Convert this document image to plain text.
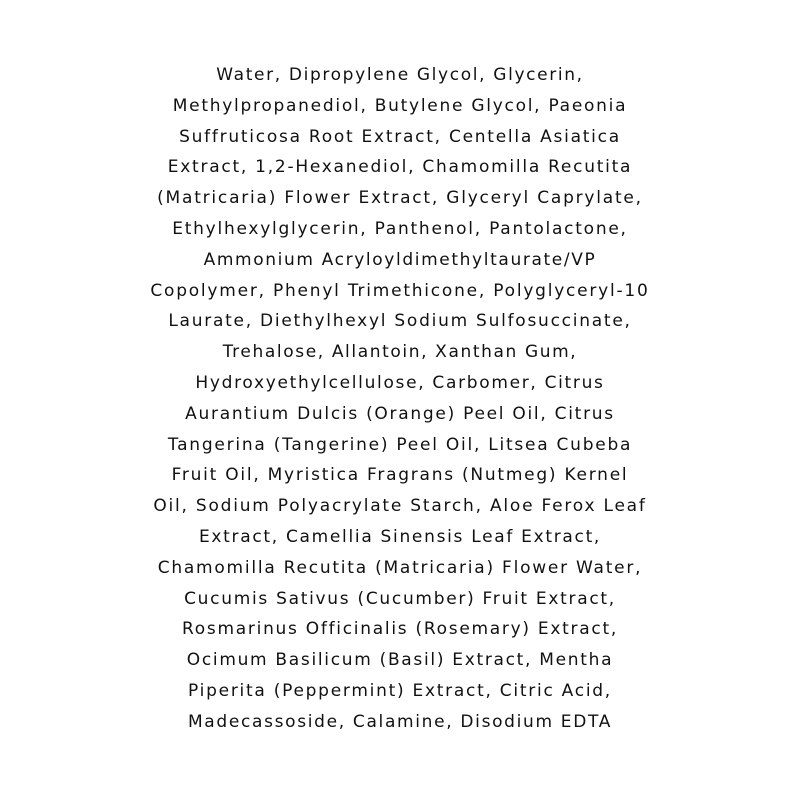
Water, Dipropylene Glycol, Glycerin,
Methylpropanediol, Butylene Glycol, Paeonia
Suffruticosa Root Extract, Centella Asiatica
Extract, 1,2-Hexanediol, Chamomilla Recutita
(Matricaria) Flower Extract, Glyceryl Caprylate,
Ethylhexylglycerin, Panthenol, Pantolactone,
Ammonium Acryloyldimethyltaurate/VP
Copolymer, Phenyl Trimethicone, Polyglyceryl-10
Laurate, Diethylhexyl Sodium Sulfosuccinate,
Trehalose, Allantoin, Xanthan Gum,
Hydroxyethylcellulose, Carbomer, Citrus
Aurantium Dulcis (Orange) Peel Oil, Citrus
Tangerina (Tangerine) Peel Oil, Litsea Cubeba
Fruit Oil, Myristica Fragrans (Nutmeg) Kernel
Oil, Sodium Polyacrylate Starch, Aloe Ferox Leaf
Extract, Camellia Sinensis Leaf Extract,
Chamomilla Recutita (Matricaria) Flower Water,
Cucumis Sativus (Cucumber) Fruit Extract,
Rosmarinus Officinalis (Rosemary) Extract,
Ocimum Basilicum (Basil) Extract, Mentha
Piperita (Peppermint) Extract, Citric Acid,
Madecassoside, Calamine, Disodium EDTA
